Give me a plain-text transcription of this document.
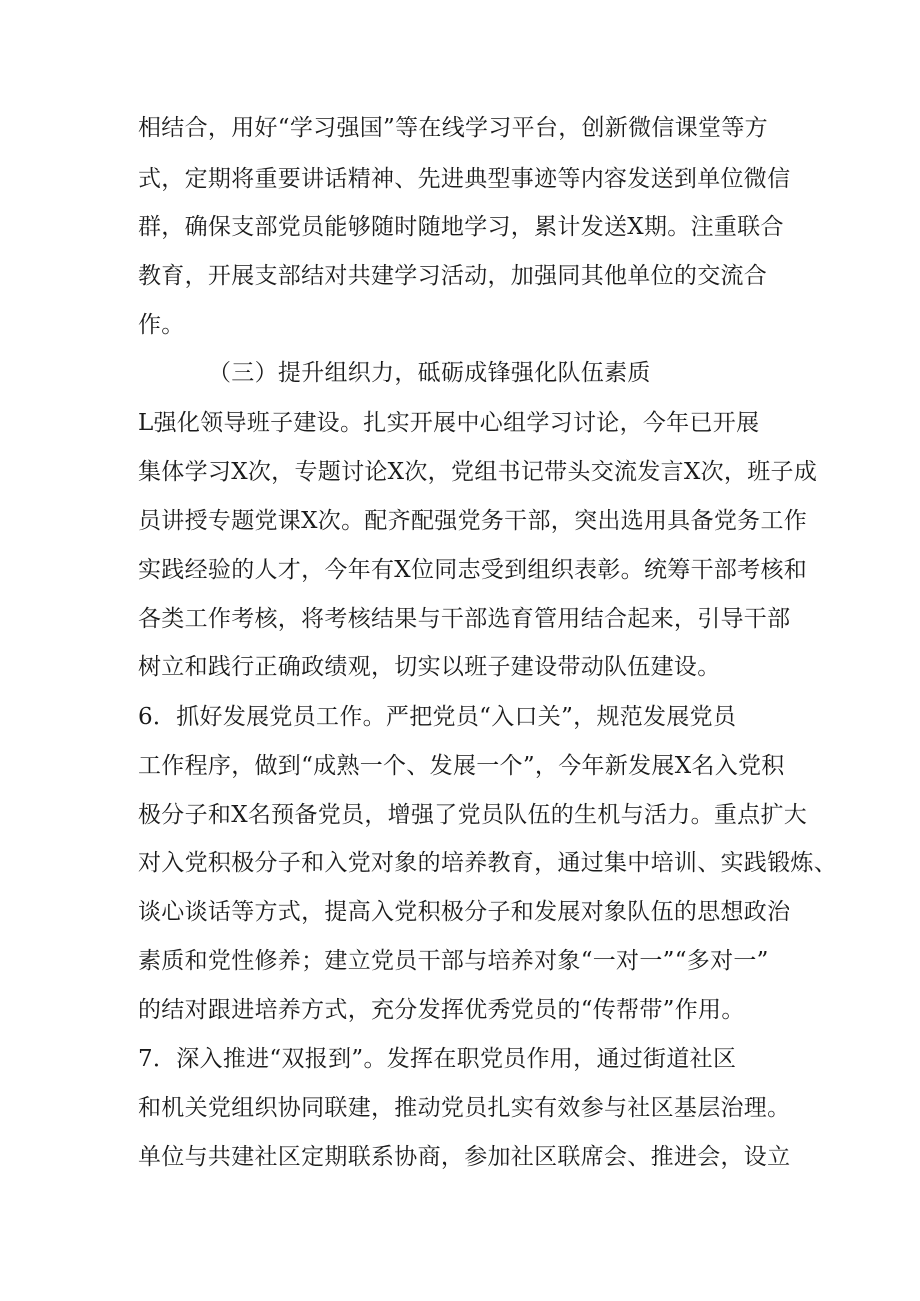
相结合，用好“学习强国”等在线学习平台，创新微信课堂等方

式，定期将重要讲话精神、先进典型事迹等内容发送到单位微信

群，确保支部党员能够随时随地学习，累计发送X期。注重联合

教育，开展支部结对共建学习活动，加强同其他单位的交流合

作。

（三）提升组织力，砥砺成锋强化队伍素质

L强化领导班子建设。扎实开展中心组学习讨论，今年已开展

集体学习X次，专题讨论X次，党组书记带头交流发言X次，班子成

员讲授专题党课X次。配齐配强党务干部，突出选用具备党务工作

实践经验的人才，今年有X位同志受到组织表彰。统筹干部考核和

各类工作考核，将考核结果与干部选育管用结合起来，引导干部

树立和践行正确政绩观，切实以班子建设带动队伍建设。

6．抓好发展党员工作。严把党员“入口关”，规范发展党员

工作程序，做到“成熟一个、发展一个”，今年新发展X名入党积

极分子和X名预备党员，增强了党员队伍的生机与活力。重点扩大

对入党积极分子和入党对象的培养教育，通过集中培训、实践锻炼、

谈心谈话等方式，提高入党积极分子和发展对象队伍的思想政治

素质和党性修养；建立党员干部与培养对象“一对一”“多对一”

的结对跟进培养方式，充分发挥优秀党员的“传帮带”作用。

7．深入推进“双报到”。发挥在职党员作用，通过街道社区

和机关党组织协同联建，推动党员扎实有效参与社区基层治理。

单位与共建社区定期联系协商，参加社区联席会、推进会，设立
